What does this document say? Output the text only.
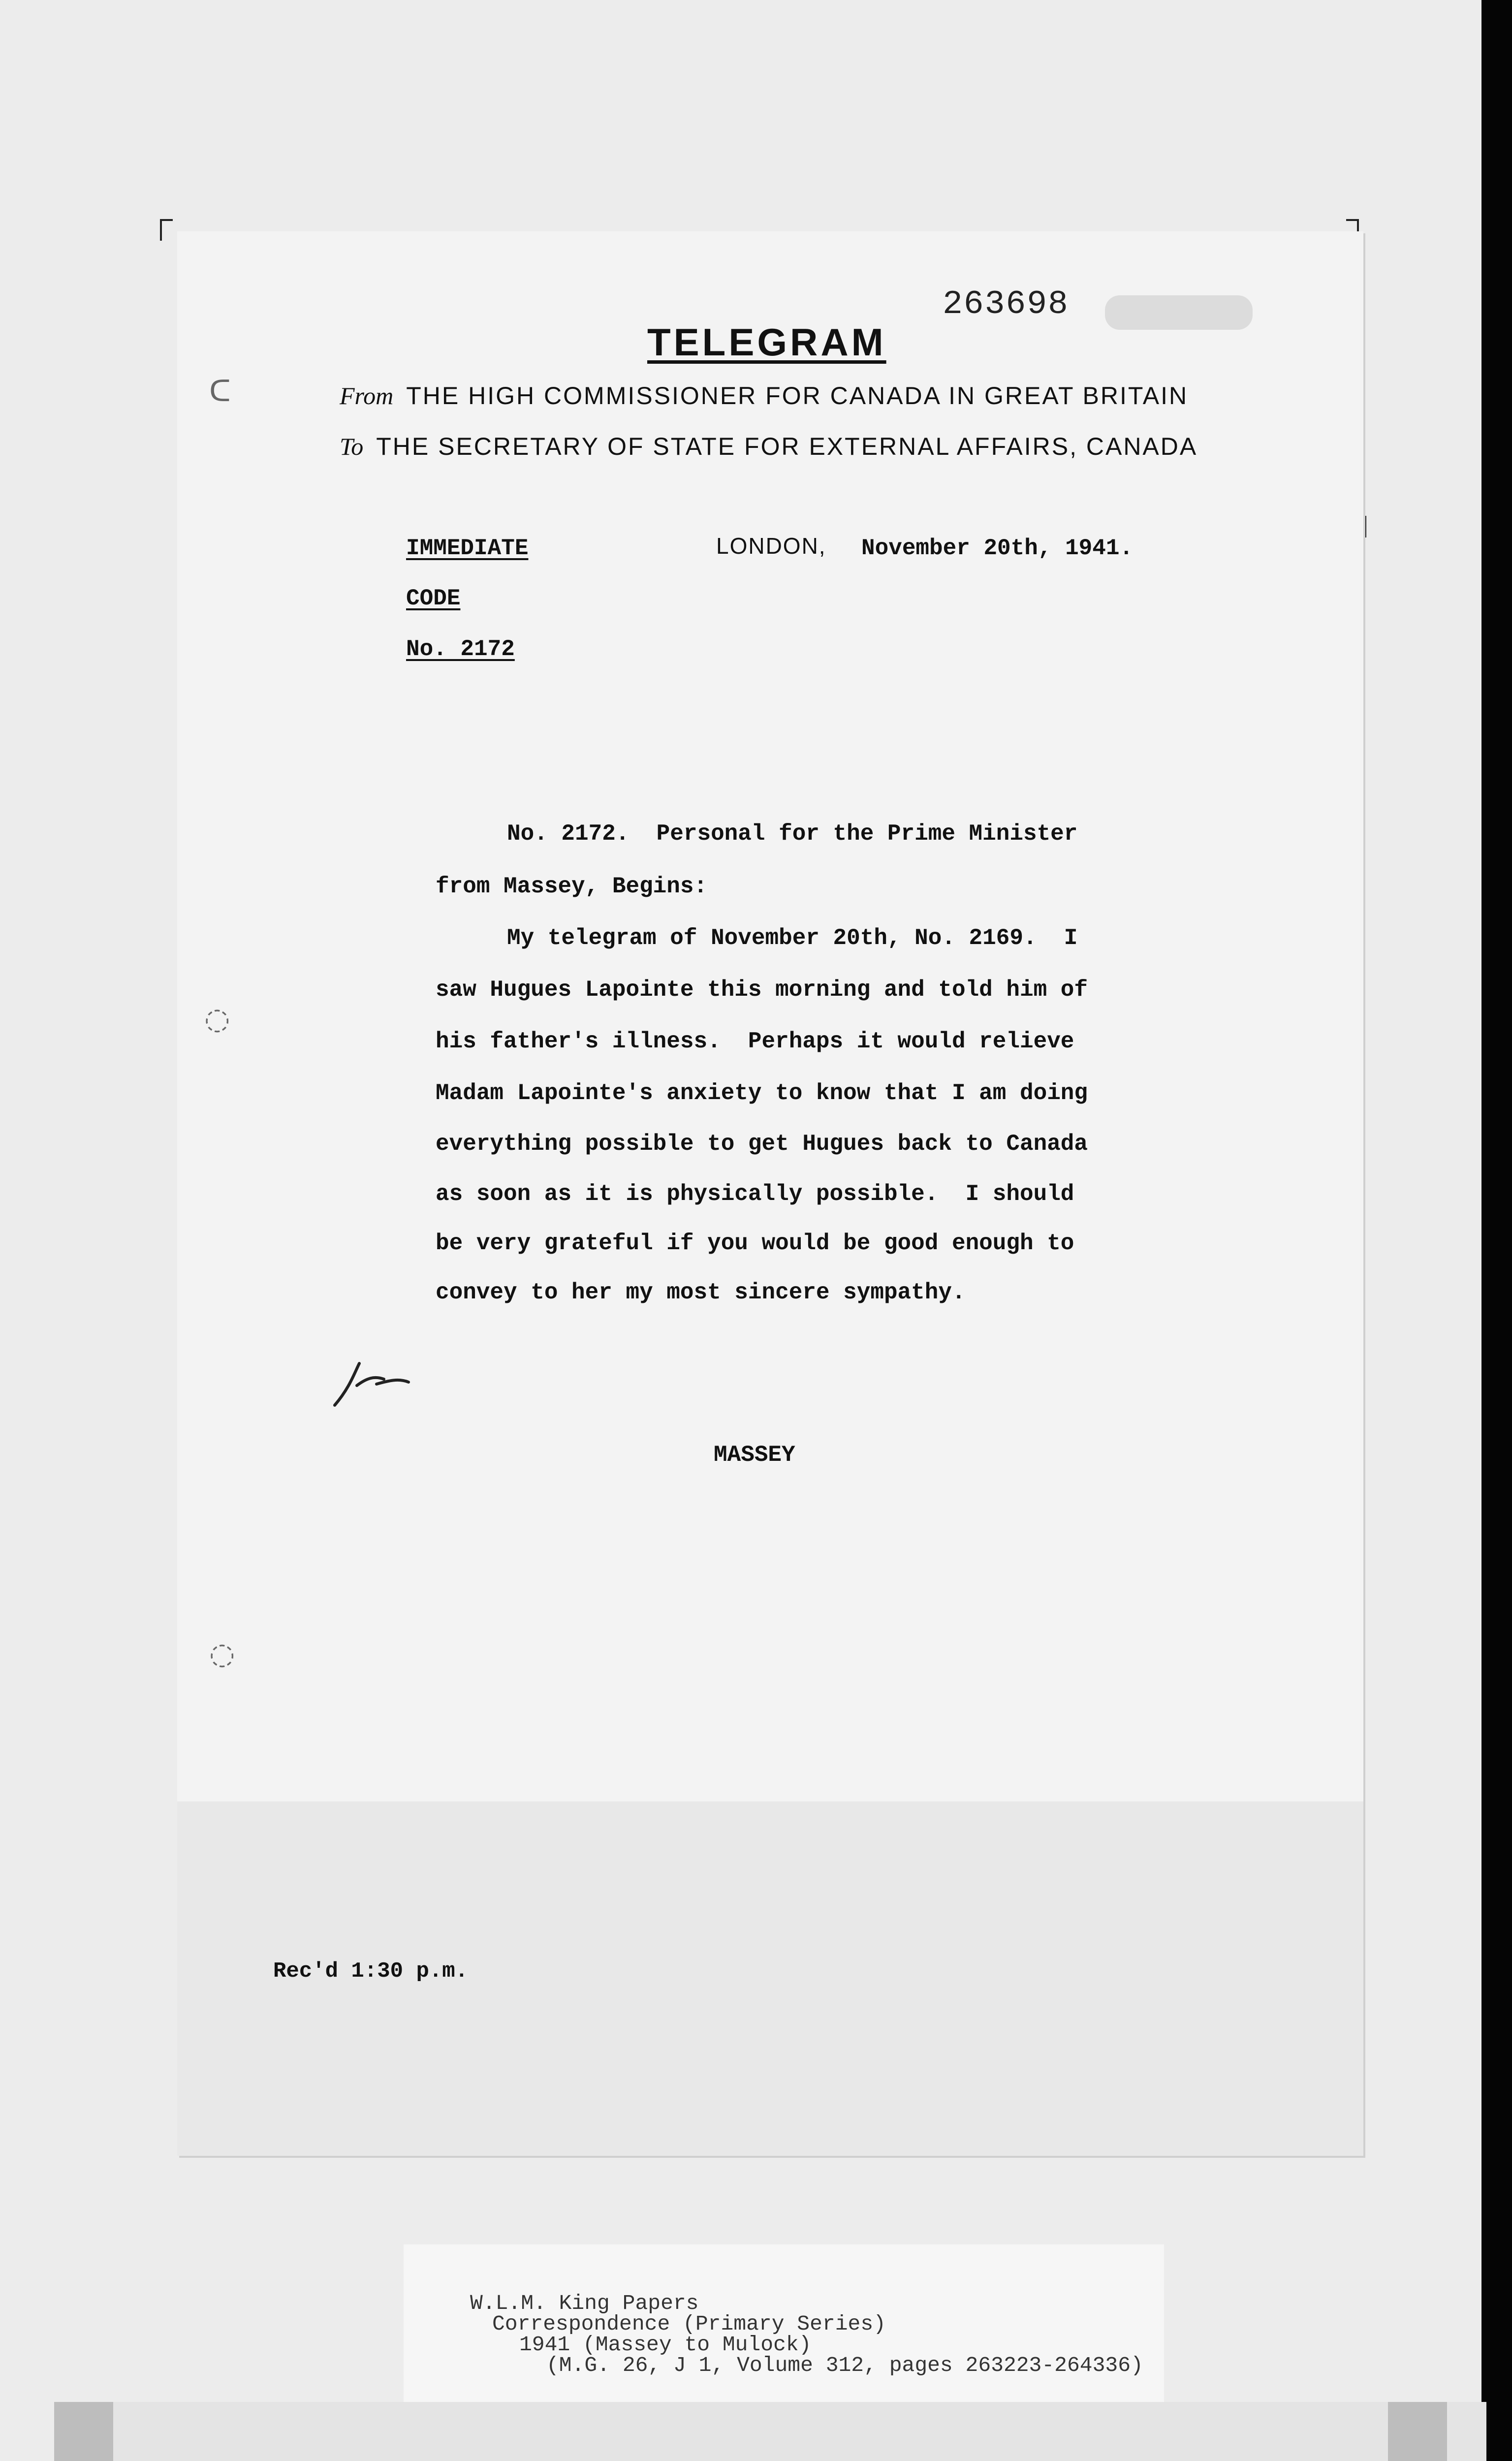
ᑕ
◌
◌
263698
TELEGRAM
From THE HIGH COMMISSIONER FOR CANADA IN GREAT BRITAIN
To THE SECRETARY OF STATE FOR EXTERNAL AFFAIRS, CANADA
IMMEDIATE
CODE
No. 2172
LONDON, November 20th, 1941.
No. 2172.  Personal for the Prime Minister
from Massey, Begins:
My telegram of November 20th, No. 2169.  I
saw Hugues Lapointe this morning and told him of
his father's illness.  Perhaps it would relieve
Madam Lapointe's anxiety to know that I am doing
everything possible to get Hugues back to Canada
as soon as it is physically possible.  I should
be very grateful if you would be good enough to
convey to her my most sincere sympathy.
MASSEY
Rec'd 1:30 p.m.
W.L.M. King Papers
Correspondence (Primary Series)
1941 (Massey to Mulock)
(M.G. 26, J 1, Volume 312, pages 263223-264336)
